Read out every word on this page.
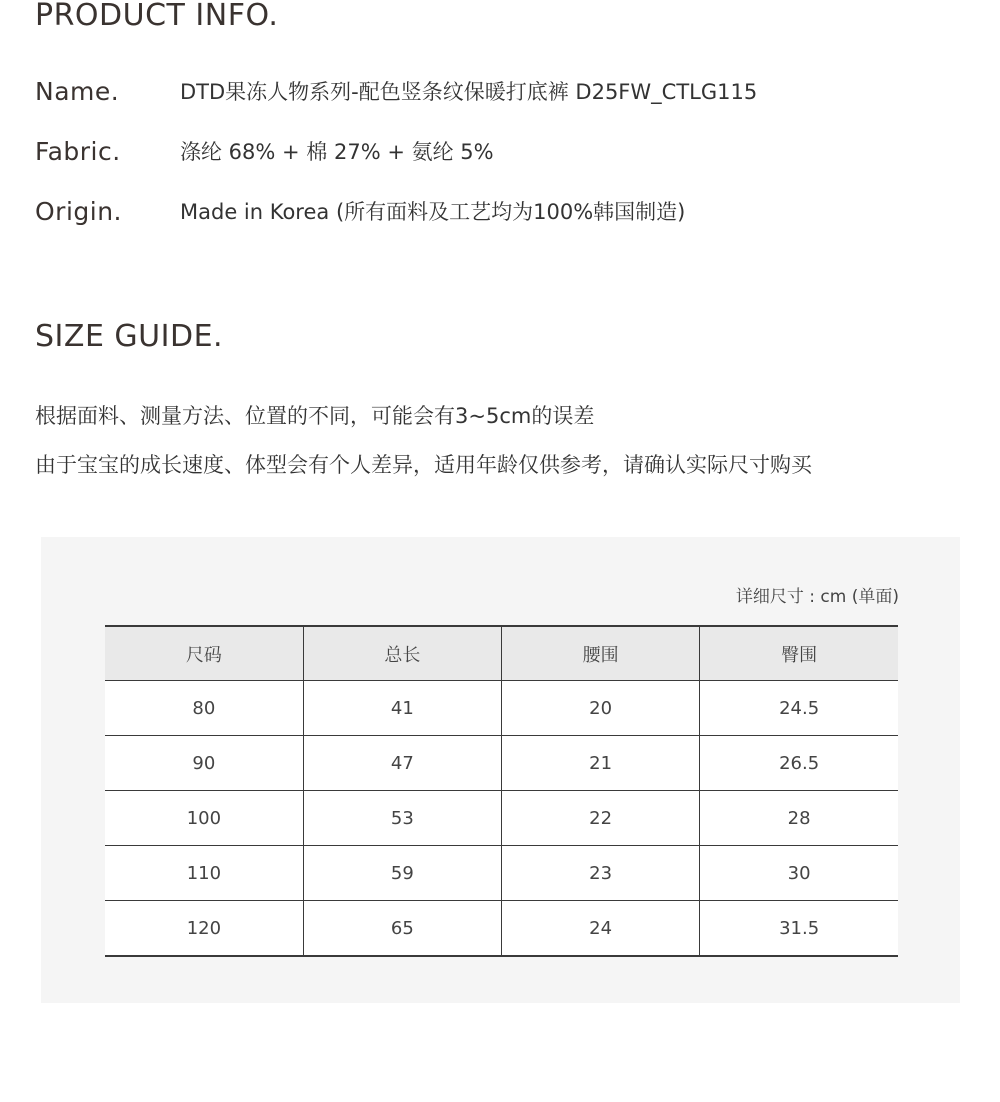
PRODUCT INFO.
Name.	DTD果冻人物系列-配色竖条纹保暖打底裤 D25FW_CTLG115
Fabric.	涤纶 68% + 棉 27% + 氨纶 5%
Origin.	Made in Korea (所有面料及工艺均为100%韩国制造)
SIZE GUIDE.
根据面料、测量方法、位置的不同，可能会有3~5cm的误差
由于宝宝的成长速度、体型会有个人差异，适用年龄仅供参考，请确认实际尺寸购买
详细尺寸 : cm (单面)
尺码	总长	腰围	臀围
80	41	20	24.5
90	47	21	26.5
100	53	22	28
110	59	23	30
120	65	24	31.5
